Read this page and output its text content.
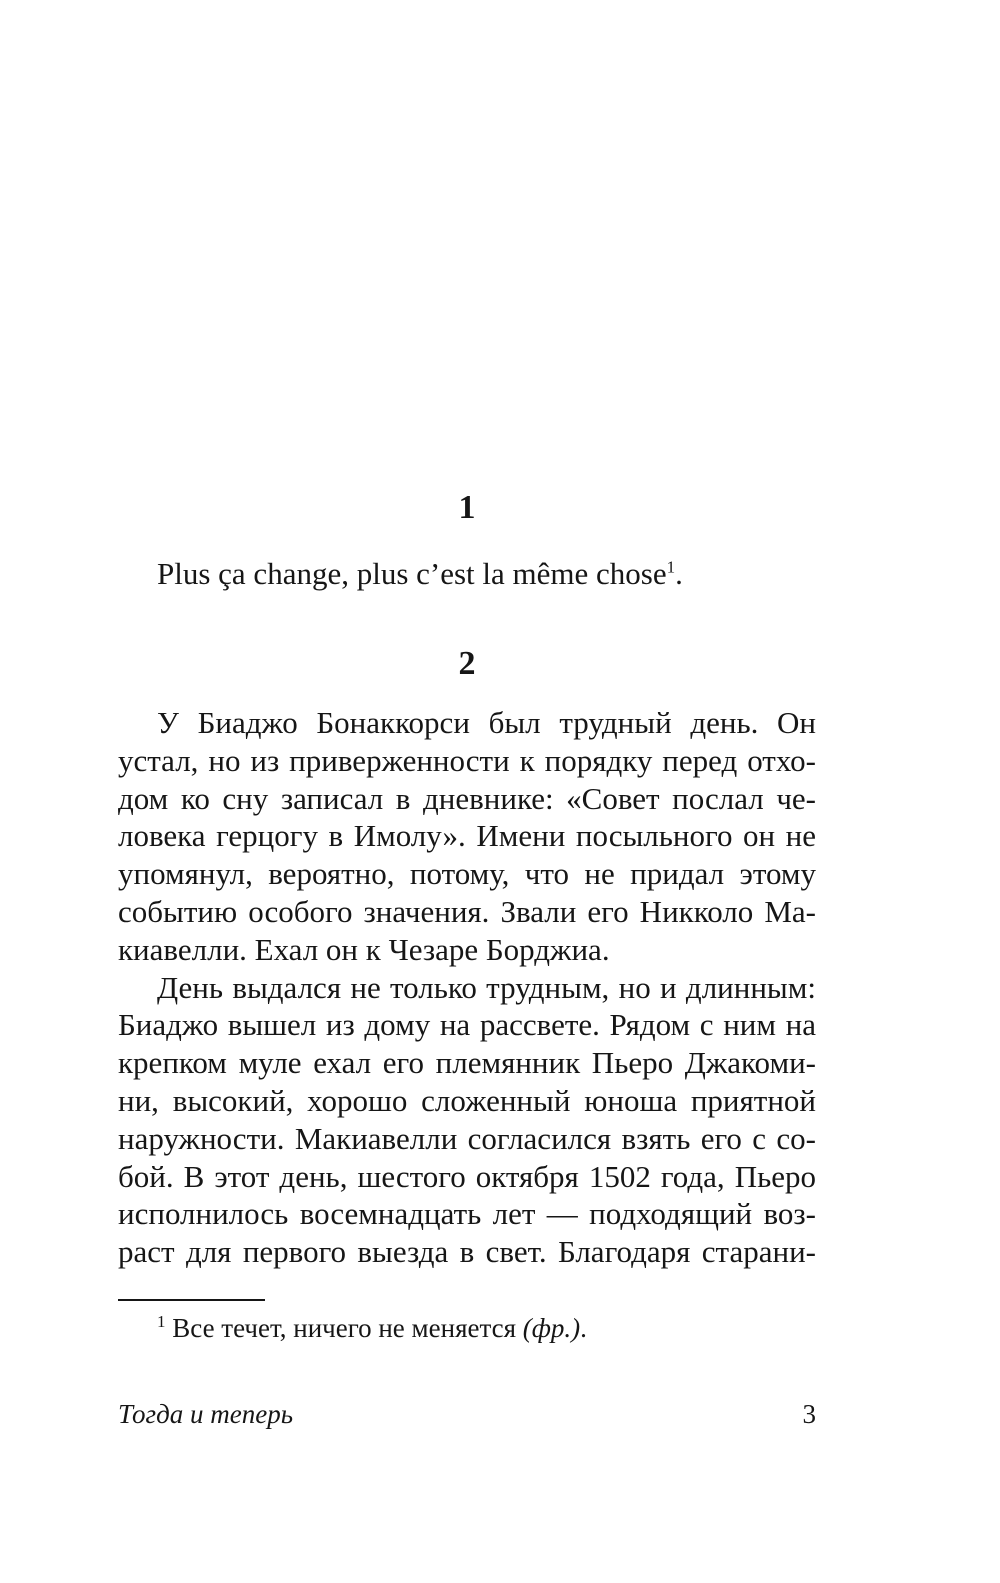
1
Plus ça change, plus c’est la même chose$^1$.
2
У Биаджо Бонаккорси был трудный день. Он
устал, но из приверженности к порядку перед отхо-
дом ко сну записал в дневнике: «Совет послал че-
ловека герцогу в Имолу». Имени посыльного он не
упомянул, вероятно, потому, что не придал этому
событию особого значения. Звали его Никколо Ма-
киавелли. Ехал он к Чезаре Борджиа.
День выдался не только трудным, но и длинным:
Биаджо вышел из дому на рассвете. Рядом с ним на
крепком муле ехал его племянник Пьеро Джакоми-
ни, высокий, хорошо сложенный юноша приятной
наружности. Макиавелли согласился взять его с со-
бой. В этот день, шестого октября 1502 года, Пьеро
исполнилось восемнадцать лет — подходящий воз-
раст для первого выезда в свет. Благодаря старани-
$^1$ Все течет, ничего не меняется (фр.).
Тогда и теперь	3
